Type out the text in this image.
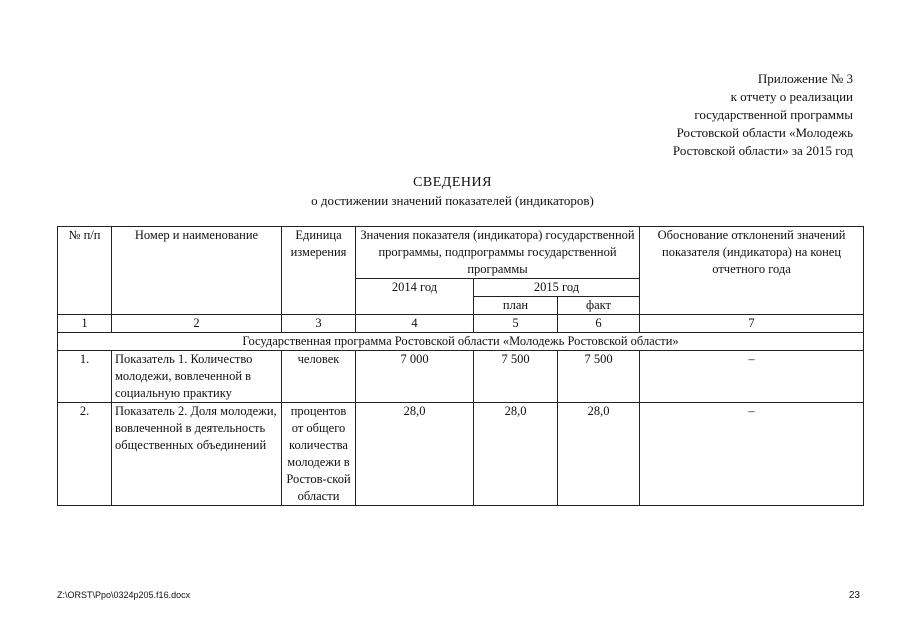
Приложение № 3
к отчету о реализации
государственной программы
Ростовской области «Молодежь
Ростовской области» за 2015 год
СВЕДЕНИЯ
о достижении значений показателей (индикаторов)
№ п/п	Номер и наименование	Единица измерения	Значения показателя (индикатора) государственной программы, подпрограммы государственной программы			Обоснование отклонений значений показателя (индикатора) на конец отчетного года
			2014 год	2015 год		
				план	факт	
1	2	3	4	5	6	7
Государственная программа Ростовской области «Молодежь Ростовской области»						
1.	Показатель 1. Количество молодежи, вовлеченной в социальную практику	человек	7 000	7 500	7 500	–
2.	Показатель 2. Доля молодежи, вовлеченной в деятельность общественных объединений	процентов от общего количества молодежи в Ростов-ской области	28,0	28,0	28,0	–
Z:\ORST\Ppo\0324p205.f16.docx	23
